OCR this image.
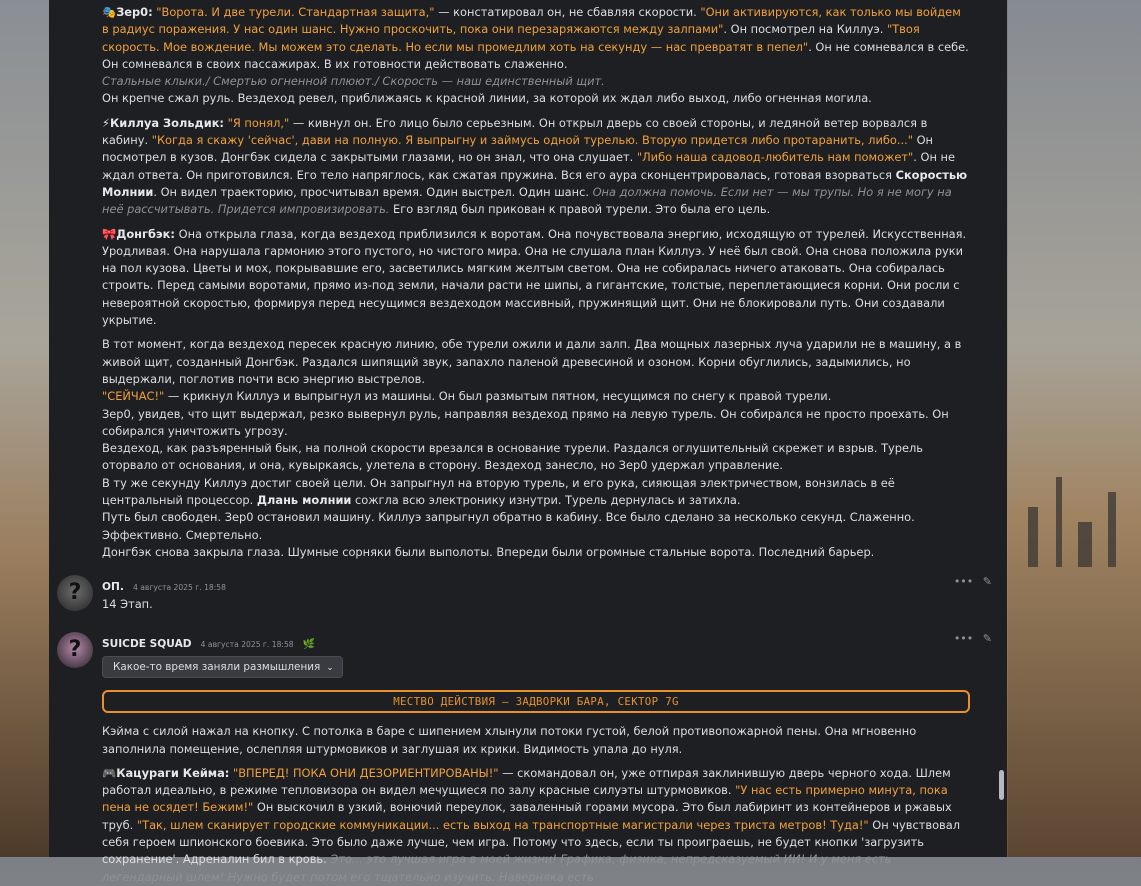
🎭Зер0: "Ворота. И две турели. Стандартная защита," — констатировал он, не сбавляя скорости. "Они активируются, как только мы войдем в радиус поражения. У нас один шанс. Нужно проскочить, пока они перезаряжаются между залпами". Он посмотрел на Киллуэ. "Твоя скорость. Мое вождение. Мы можем это сделать. Но если мы промедлим хоть на секунду — нас превратят в пепел". Он не сомневался в себе. Он сомневался в своих пассажирах. В их готовности действовать слаженно.

Стальные клыки./ Смертью огненной плюют./ Скорость — наш единственный щит.

Он крепче сжал руль. Вездеход ревел, приближаясь к красной линии, за которой их ждал либо выход, либо огненная могила.

⚡Киллуа Зольдик: "Я понял," — кивнул он. Его лицо было серьезным. Он открыл дверь со своей стороны, и ледяной ветер ворвался в кабину. "Когда я скажу 'сейчас', дави на полную. Я выпрыгну и займусь одной турелью. Вторую придется либо протаранить, либо..." Он посмотрел в кузов. Донгбэк сидела с закрытыми глазами, но он знал, что она слушает. "Либо наша садовод-любитель нам поможет". Он не ждал ответа. Он приготовился. Его тело напряглось, как сжатая пружина. Вся его аура сконцентрировалась, готовая взорваться Скоростью Молнии. Он видел траекторию, просчитывал время. Один выстрел. Один шанс. Она должна помочь. Если нет — мы трупы. Но я не могу на неё рассчитывать. Придется импровизировать. Его взгляд был прикован к правой турели. Это была его цель.

🎀Донгбэк: Она открыла глаза, когда вездеход приблизился к воротам. Она почувствовала энергию, исходящую от турелей. Искусственная. Уродливая. Она нарушала гармонию этого пустого, но чистого мира. Она не слушала план Киллуэ. У неё был свой. Она снова положила руки на пол кузова. Цветы и мох, покрывавшие его, засветились мягким желтым светом. Она не собиралась ничего атаковать. Она собиралась строить. Перед самыми воротами, прямо из-под земли, начали расти не шипы, а гигантские, толстые, переплетающиеся корни. Они росли с невероятной скоростью, формируя перед несущимся вездеходом массивный, пружинящий щит. Они не блокировали путь. Они создавали укрытие.

В тот момент, когда вездеход пересек красную линию, обе турели ожили и дали залп. Два мощных лазерных луча ударили не в машину, а в живой щит, созданный Донгбэк. Раздался шипящий звук, запахло паленой древесиной и озоном. Корни обуглились, задымились, но выдержали, поглотив почти всю энергию выстрелов.

"СЕЙЧАС!" — крикнул Киллуэ и выпрыгнул из машины. Он был размытым пятном, несущимся по снегу к правой турели.

Зер0, увидев, что щит выдержал, резко вывернул руль, направляя вездеход прямо на левую турель. Он собирался не просто проехать. Он собирался уничтожить угрозу.

Вездеход, как разъяренный бык, на полной скорости врезался в основание турели. Раздался оглушительный скрежет и взрыв. Турель оторвало от основания, и она, кувыркаясь, улетела в сторону. Вездеход занесло, но Зер0 удержал управление.

В ту же секунду Киллуэ достиг своей цели. Он запрыгнул на вторую турель, и его рука, сияющая электричеством, вонзилась в её центральный процессор. Длань молнии сожгла всю электронику изнутри. Турель дернулась и затихла.

Путь был свободен. Зер0 остановил машину. Киллуэ запрыгнул обратно в кабину. Все было сделано за несколько секунд. Слаженно. Эффективно. Смертельно.

Донгбэк снова закрыла глаза. Шумные сорняки были выполоты. Впереди были огромные стальные ворота. Последний барьер.

?	ОП. 4 августа 2025 г. 18:58	••• ✎
14 Этап.
?	SUICDE SQUAD 4 августа 2025 г. 18:58 🌿	••• ✎
Какое-то время заняли размышления ⌄
МЕСТВО ДЕЙСТВИЯ – ЗАДВОРКИ БАРА, СЕКТОР 7G

Кэйма с силой нажал на кнопку. С потолка в баре с шипением хлынули потоки густой, белой противопожарной пены. Она мгновенно заполнила помещение, ослепляя штурмовиков и заглушая их крики. Видимость упала до нуля.

🎮Кацураги Кейма: "ВПЕРЕД! ПОКА ОНИ ДЕЗОРИЕНТИРОВАНЫ!" — скомандовал он, уже отпирая заклинившую дверь черного хода. Шлем работал идеально, в режиме тепловизора он видел мечущиеся по залу красные силуэты штурмовиков. "У нас есть примерно минута, пока пена не осядет! Бежим!" Он выскочил в узкий, вонючий переулок, заваленный горами мусора. Это был лабиринт из контейнеров и ржавых труб. "Так, шлем сканирует городские коммуникации... есть выход на транспортные магистрали через триста метров! Туда!" Он чувствовал себя героем шпионского боевика. Это было даже лучше, чем игра. Потому что здесь, если ты проиграешь, не будет кнопки 'загрузить сохранение'. Адреналин бил в кровь. Это... это лучшая игра в моей жизни! Графика, физика, непредсказуемый ИИ! И у меня есть легендарный шлем! Нужно будет потом его тщательно изучить. Наверняка есть
